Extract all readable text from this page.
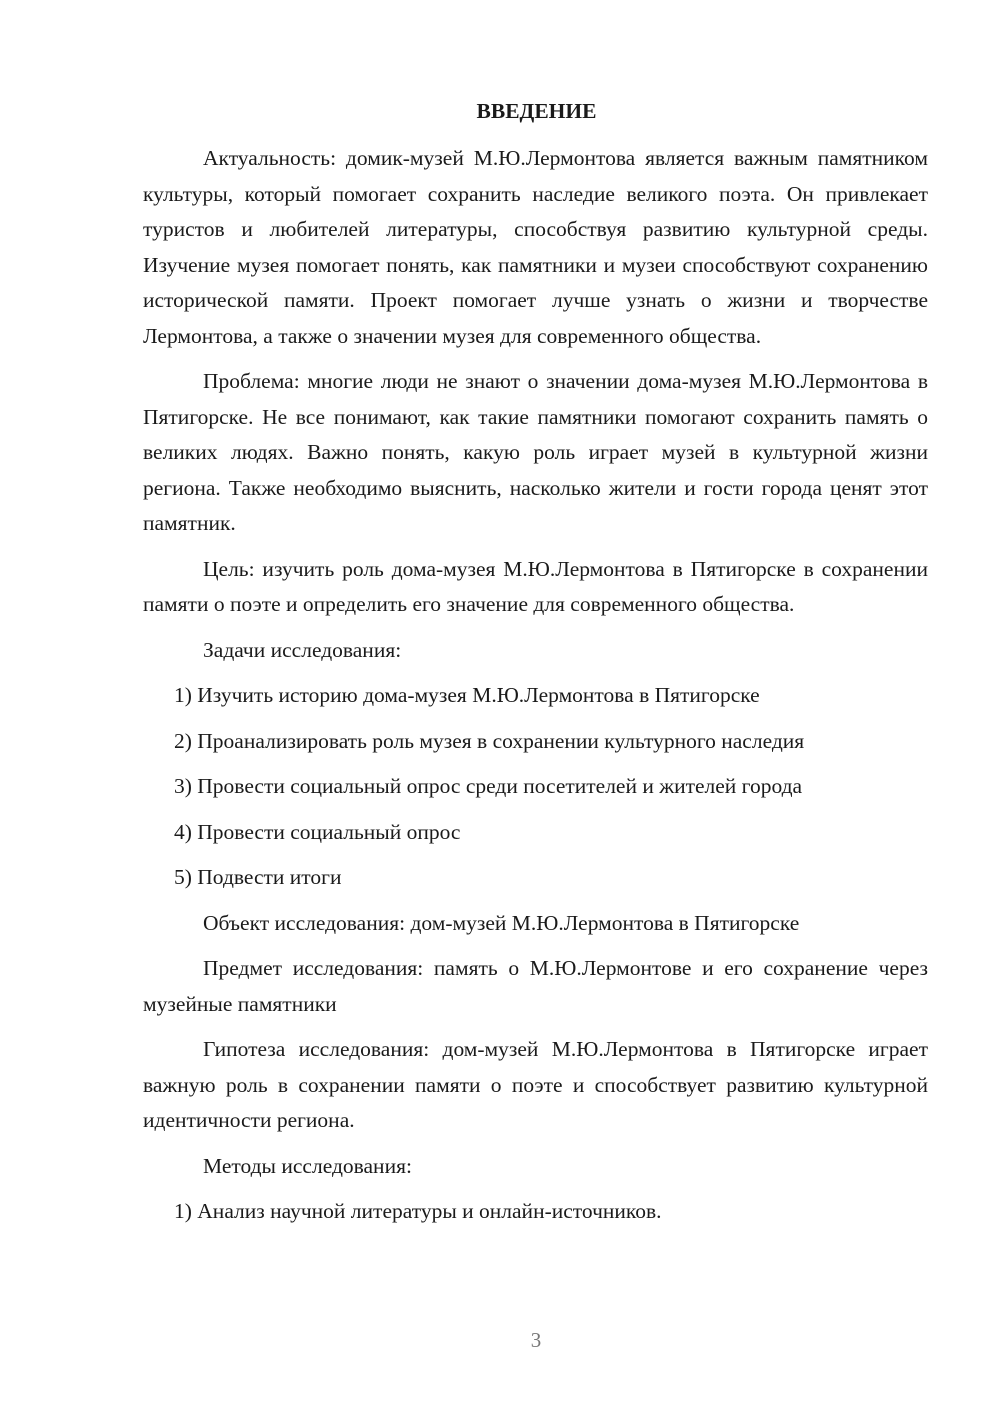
ВВЕДЕНИЕ

Актуальность: домик-музей М.Ю.Лермонтова является важным памятником культуры, который помогает сохранить наследие великого поэта. Он привлекает туристов и любителей литературы, способствуя развитию культурной среды. Изучение музея помогает понять, как памятники и музеи способствуют сохранению исторической памяти. Проект помогает лучше узнать о жизни и творчестве Лермонтова, а также о значении музея для современного общества.

Проблема: многие люди не знают о значении дома-музея М.Ю.Лермонтова в Пятигорске. Не все понимают, как такие памятники помогают сохранить память о великих людях. Важно понять, какую роль играет музей в культурной жизни региона. Также необходимо выяснить, насколько жители и гости города ценят этот памятник.

Цель: изучить роль дома-музея М.Ю.Лермонтова в Пятигорске в сохранении памяти о поэте и определить его значение для современного общества.

Задачи исследования:

1) Изучить историю дома-музея М.Ю.Лермонтова в Пятигорске

2) Проанализировать роль музея в сохранении культурного наследия

3) Провести социальный опрос среди посетителей и жителей города

4) Провести социальный опрос

5) Подвести итоги

Объект исследования: дом-музей М.Ю.Лермонтова в Пятигорске

Предмет исследования: память о М.Ю.Лермонтове и его сохранение через музейные памятники

Гипотеза исследования: дом-музей М.Ю.Лермонтова в Пятигорске играет важную роль в сохранении памяти о поэте и способствует развитию культурной идентичности региона.

Методы исследования:

1) Анализ научной литературы и онлайн-источников.

3
